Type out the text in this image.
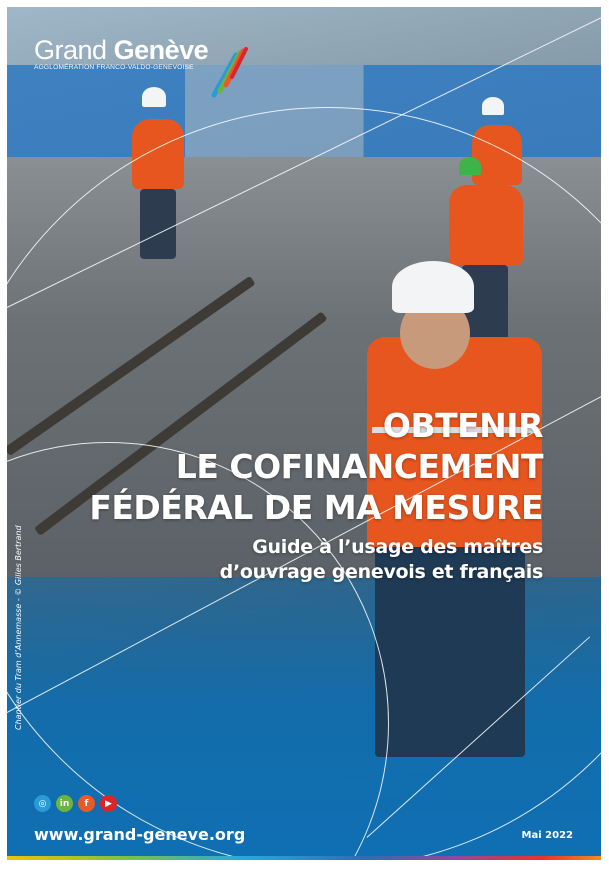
Grand Genève
AGGLOMÉRATION FRANCO-VALDO-GENEVOISE
OBTENIR
LE COFINANCEMENT
FÉDÉRAL DE MA MESURE
Guide à l’usage des maîtres
d’ouvrage genevois et français
Chantier du Tram d’Annemasse - © Gilles Bertrand
◎ in f ▶
www.grand-geneve.org	Mai 2022
